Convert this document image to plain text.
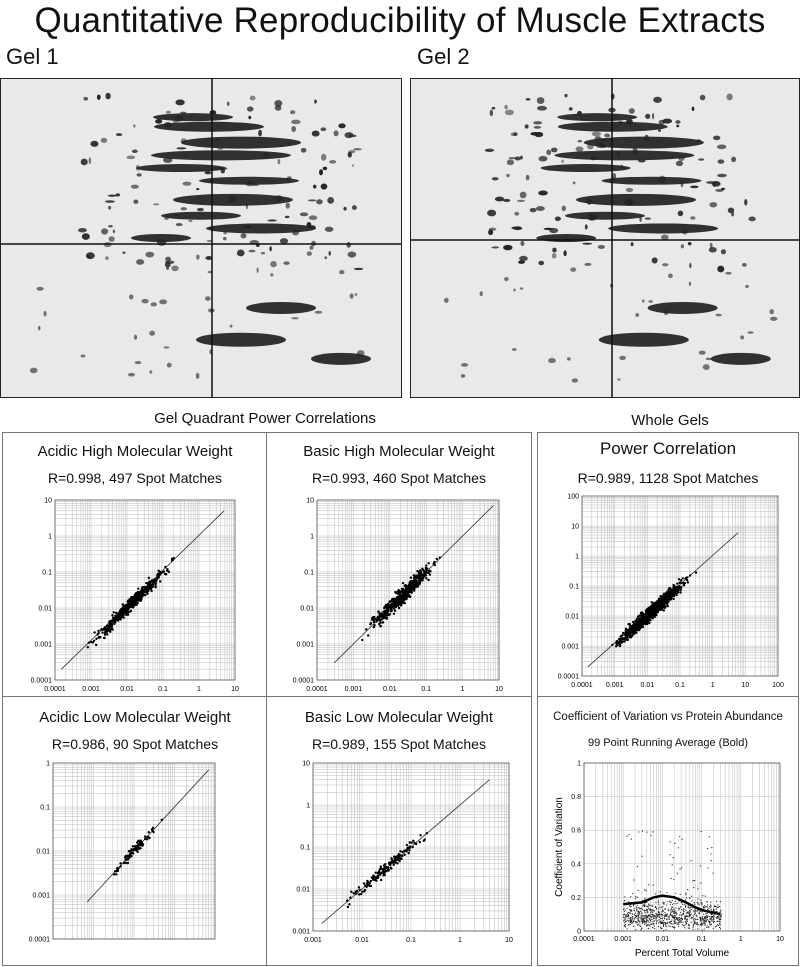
Quantitative Reproducibility of Muscle Extracts
Gel 1	Gel 2
Gel Quadrant Power Correlations	Whole Gels
Acidic High Molecular Weight
R=0.998, 497 Spot Matches
0.0001 0.001	0.01	0.1	1	10
0.0001
0.001
0.01
0.1
1
10
Basic High Molecular Weight
R=0.993, 460 Spot Matches
0.0001 0.001	0.01	0.1	1	10
0.0001
0.001
0.01
0.1
1
10
Power Correlation
R=0.989, 1128 Spot Matches
0.0001 0.001 0.01	0.1	1	10	100
0.0001
0.001
0.01
0.1
1
10
100
Acidic Low Molecular Weight
R=0.986, 90 Spot Matches
0.0001
0.001
0.01
0.1
1
Basic Low Molecular Weight
R=0.989, 155 Spot Matches
0.001	0.01	0.1	1	10
0.001
0.01
0.1
1
10
Coefficient of Variation vs Protein Abundance
99 Point Running Average (Bold)
0.0001	0.001	0.01	0.1	1	10
0
0.2
0.4
0.6
0.8
1
Percent Total Volume
Coefficient of Variation
